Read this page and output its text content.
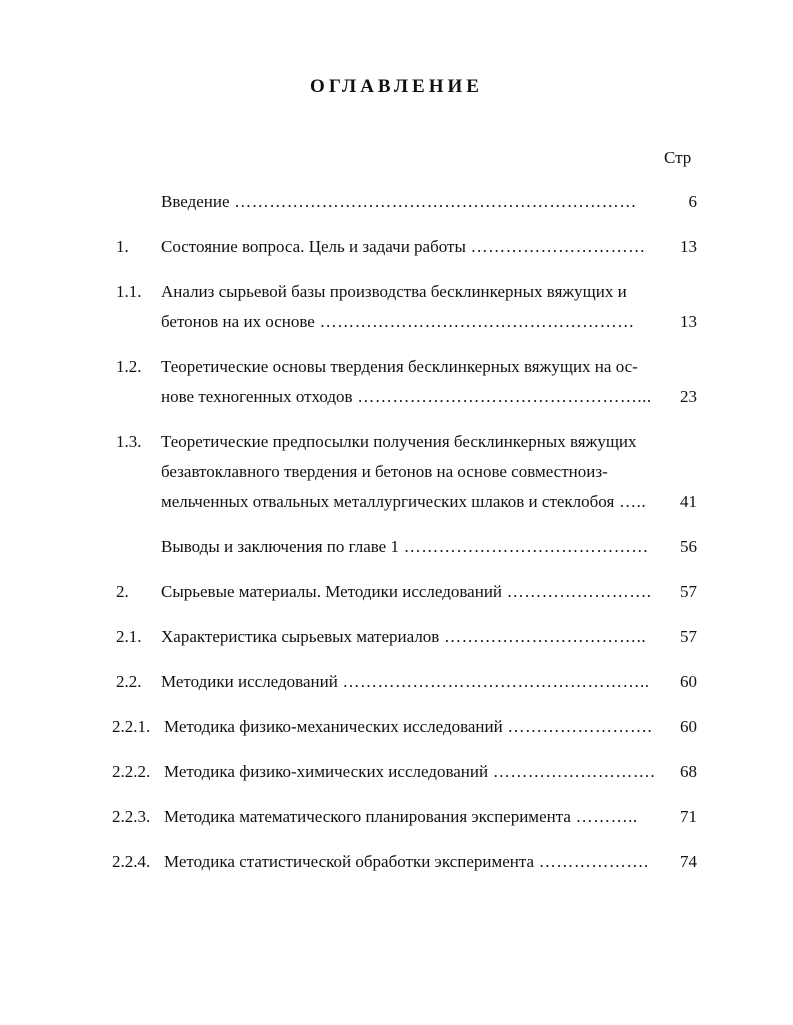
ОГЛАВЛЕНИЕ
Стр
Введение ……………………………………………………………	6
1. Состояние вопроса. Цель и задачи работы ………………………… 13
1.1. Анализ сырьевой базы производства бесклинкерных вяжущих и
бетонов на их основе ………………………………………………	13
1.2. Теоретические основы твердения бесклинкерных вяжущих на ос-
нове техногенных отходов …………………………………………... 23
1.3. Теоретические предпосылки получения бесклинкерных вяжущих
безавтоклавного твердения и бетонов на основе совместноиз-
мельченных отвальных металлургических шлаков и стеклобоя ….. 41
Выводы и заключения по главе 1 …………………………………… 56
2. Сырьевые материалы. Методики исследований ……………………. 57
2.1. Характеристика сырьевых материалов …………………………….. 57
2.2. Методики исследований …………………………………………….. 60
2.2.1. Методика физико-механических исследований ……………………. 60
2.2.2. Методика физико-химических исследований ………………………. 68
2.2.3. Методика математического планирования эксперимента ……….. 71
2.2.4. Методика статистической обработки эксперимента ………………. 74
